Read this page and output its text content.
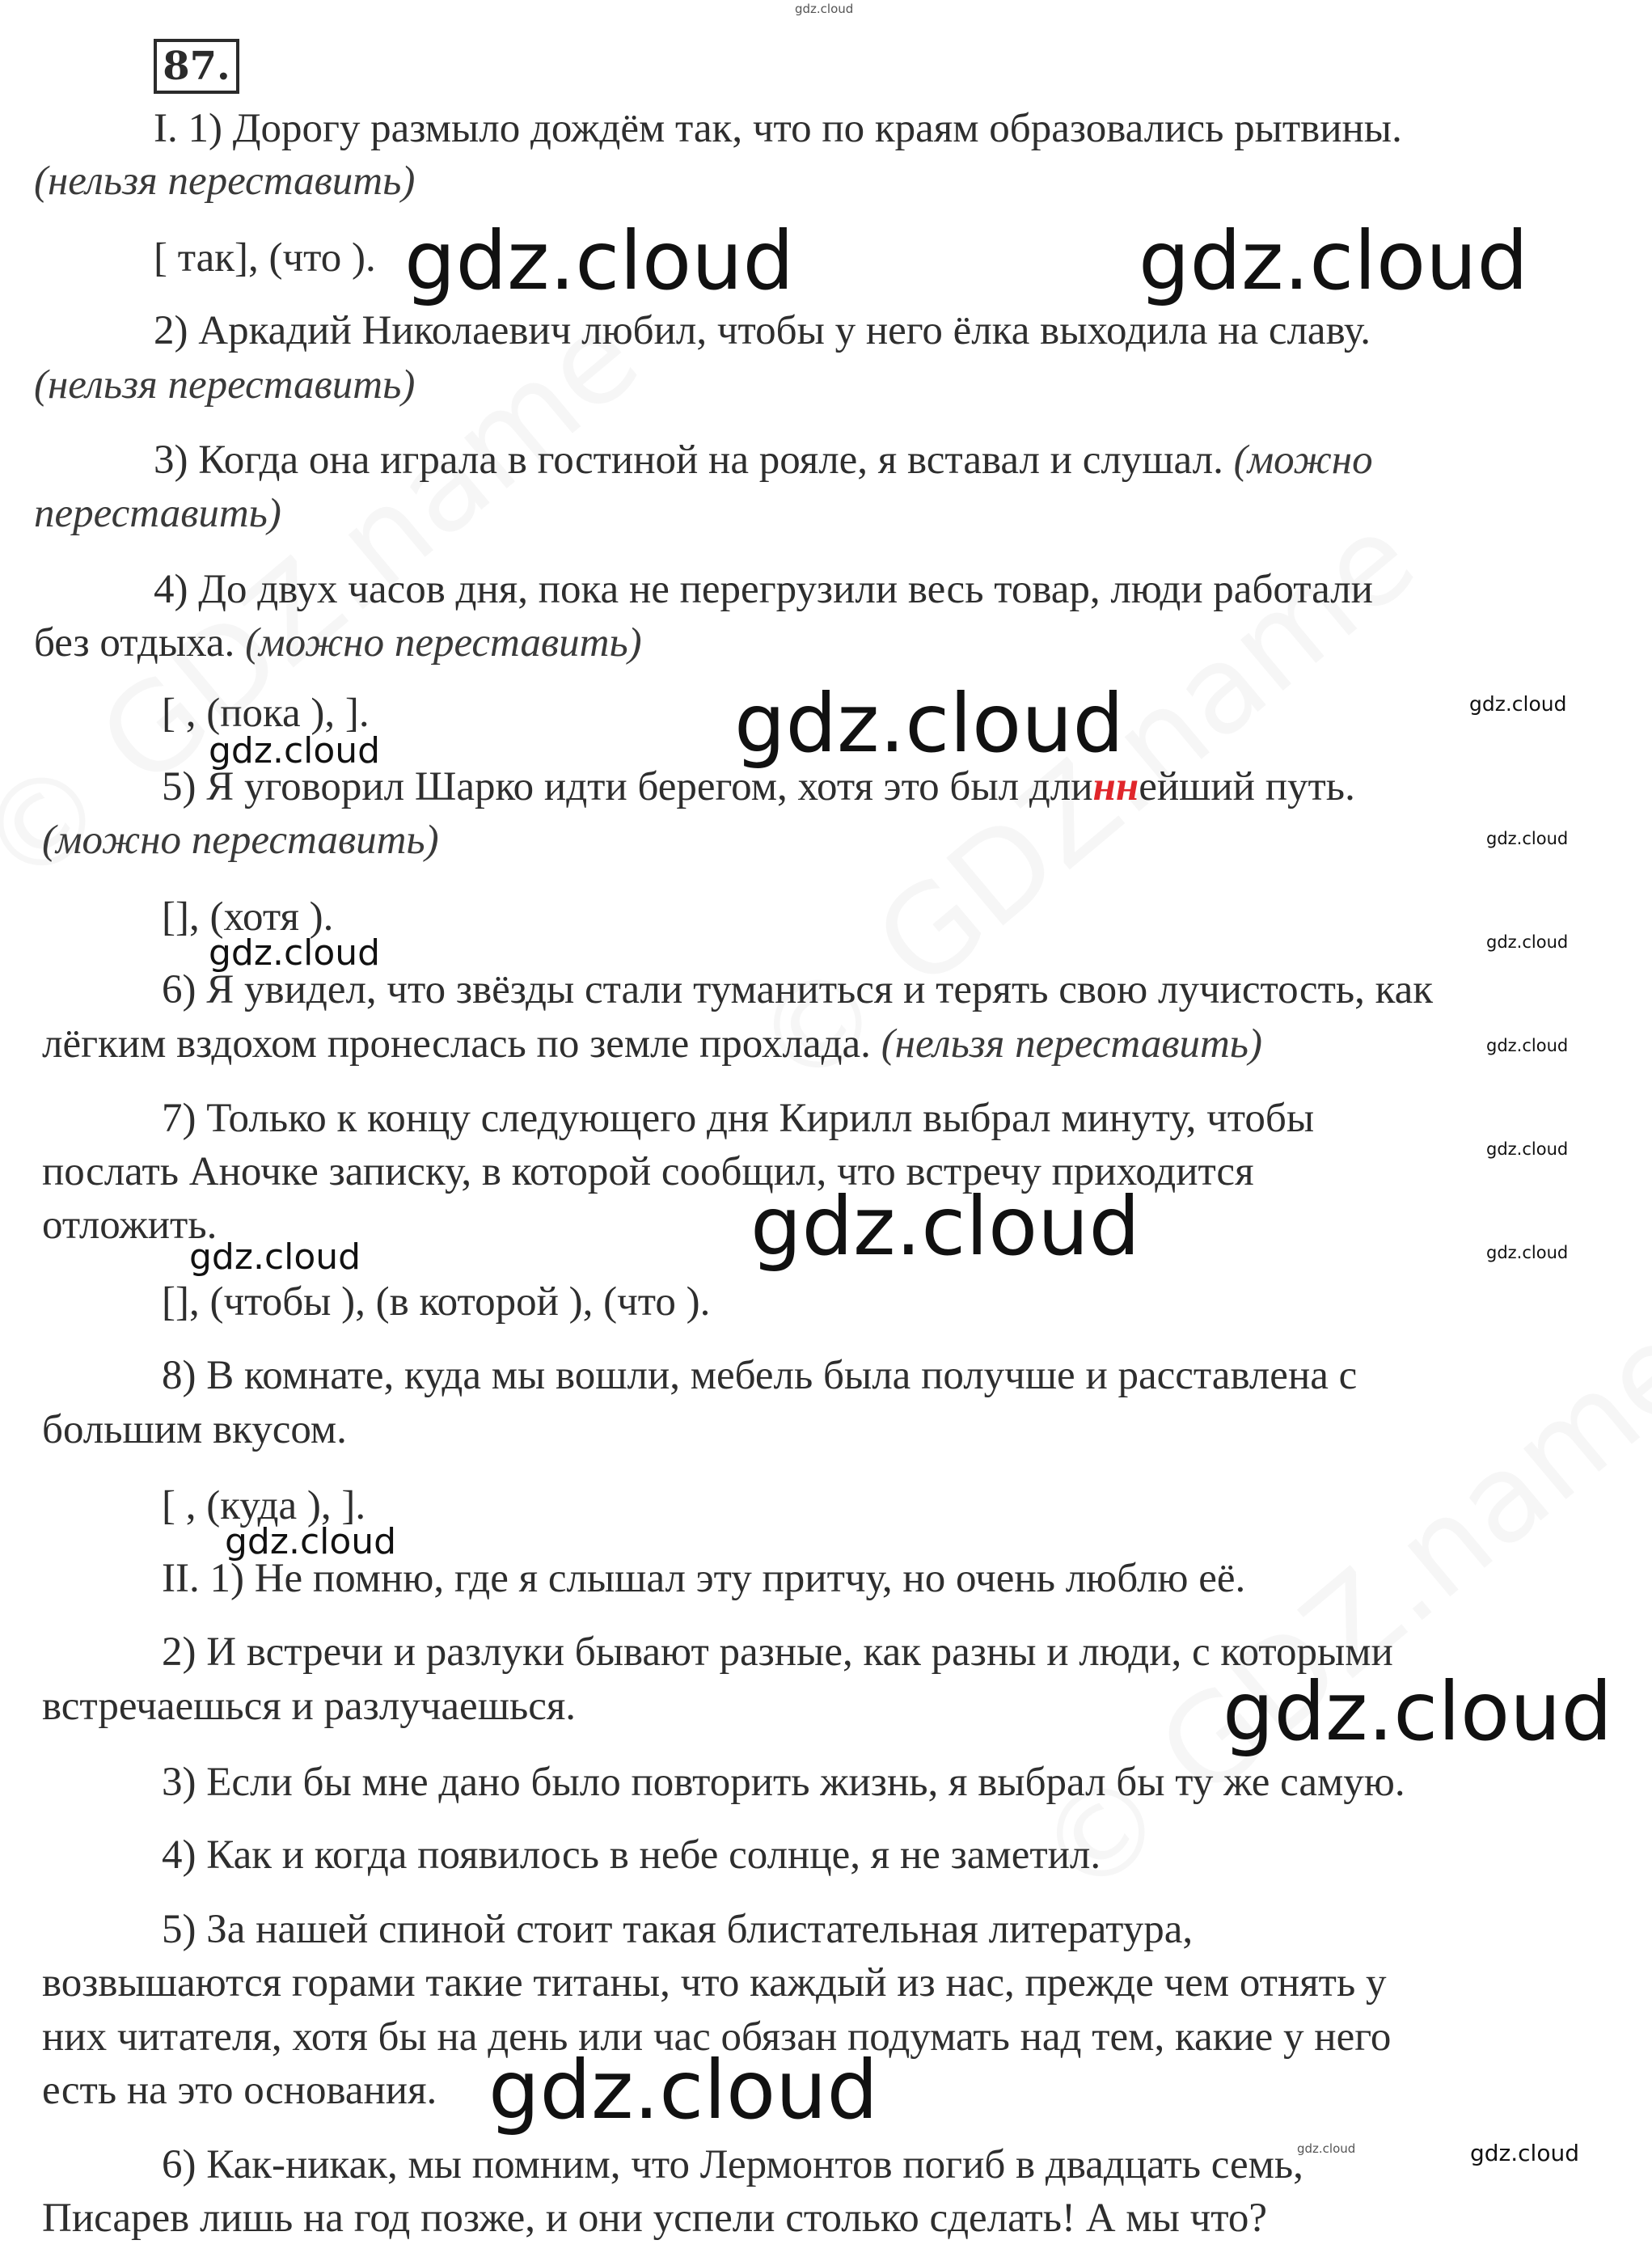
87.
I. 1) Дорогу размыло дождём так, что по краям образовались рытвины.
(нельзя переставить)
[ так], (что ).
2) Аркадий Николаевич любил, чтобы у него ёлка выходила на славу.
(нельзя переставить)
3) Когда она играла в гостиной на рояле, я вставал и слушал. (можно
переставить)
4) До двух часов дня, пока не перегрузили весь товар, люди работали
без отдыха. (можно переставить)
[ , (пока ), ].
5) Я уговорил Шарко идти берегом, хотя это был длиннейший путь.
(можно переставить)
[], (хотя ).
6) Я увидел, что звёзды стали туманиться и терять свою лучистость, как
лёгким вздохом пронеслась по земле прохлада. (нельзя переставить)
7) Только к концу следующего дня Кирилл выбрал минуту, чтобы
послать Аночке записку, в которой сообщил, что встречу приходится
отложить.
[], (чтобы ), (в которой ), (что ).
8) В комнате, куда мы вошли, мебель была получше и расставлена с
большим вкусом.
[ , (куда ), ].
II. 1) Не помню, где я слышал эту притчу, но очень люблю её.
2) И встречи и разлуки бывают разные, как разны и люди, с которыми
встречаешься и разлучаешься.
3) Если бы мне дано было повторить жизнь, я выбрал бы ту же самую.
4) Как и когда появилось в небе солнце, я не заметил.
5) За нашей спиной стоит такая блистательная литература,
возвышаются горами такие титаны, что каждый из нас, прежде чем отнять у
них читателя, хотя бы на день или час обязан подумать над тем, какие у него
есть на это основания.
6) Как-никак, мы помним, что Лермонтов погиб в двадцать семь,
Писарев лишь на год позже, и они успели столько сделать! А мы что?
gdz.cloud
gdz.cloud	gdz.cloud
gdz.cloud
gdz.cloud
gdz.cloud
gdz.cloud
gdz.cloud	gdz.cloud
gdz.cloud
gdz.cloud
gdz.cloud	gdz.cloud
gdz.cloud
gdz.cloud
gdz.cloud
gdz.cloud
gdz.cloud	gdz.cloud
